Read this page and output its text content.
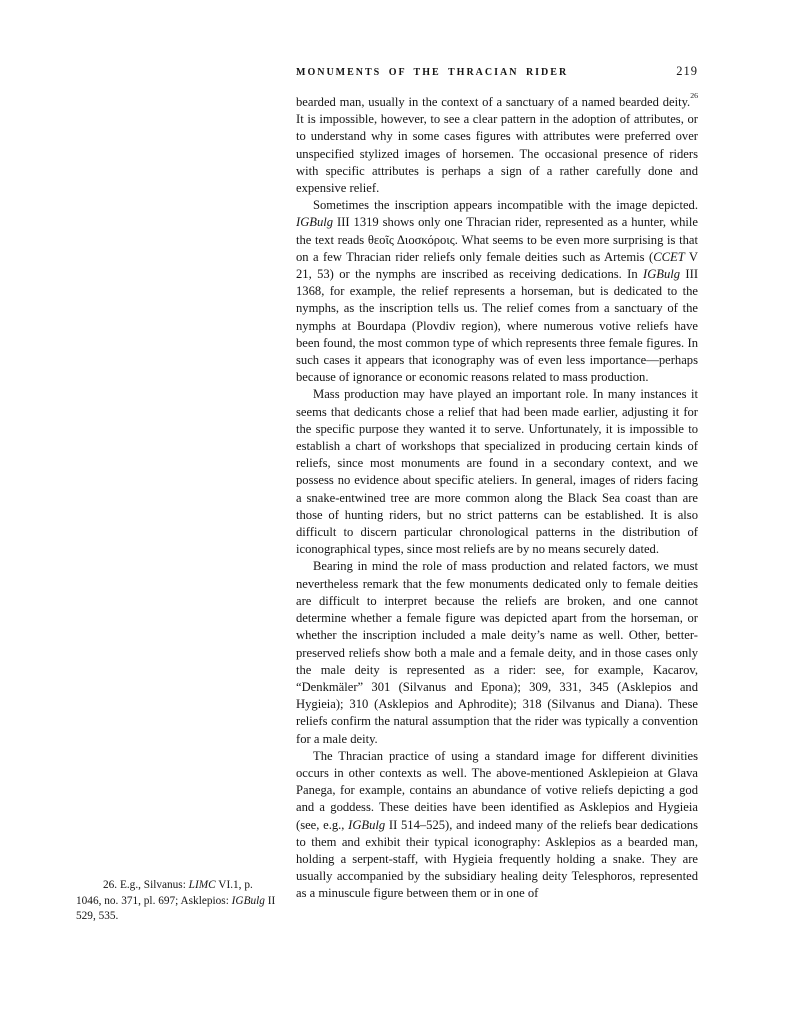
MONUMENTS OF THE THRACIAN RIDER	219

bearded man, usually in the context of a sanctuary of a named bearded deity.$^{26}$ It is impossible, however, to see a clear pattern in the adoption of attributes, or to understand why in some cases figures with attributes were preferred over unspecified stylized images of horsemen. The occasional presence of riders with specific attributes is perhaps a sign of a rather carefully done and expensive relief.

Sometimes the inscription appears incompatible with the image depicted. IGBulg III 1319 shows only one Thracian rider, represented as a hunter, while the text reads θεοῖς Διοσκόροις. What seems to be even more surprising is that on a few Thracian rider reliefs only female deities such as Artemis (CCET V 21, 53) or the nymphs are inscribed as receiving dedications. In IGBulg III 1368, for example, the relief represents a horseman, but is dedicated to the nymphs, as the inscription tells us. The relief comes from a sanctuary of the nymphs at Bourdapa (Plovdiv region), where numerous votive reliefs have been found, the most common type of which represents three female figures. In such cases it appears that iconography was of even less importance—perhaps because of ignorance or economic reasons related to mass production.

Mass production may have played an important role. In many instances it seems that dedicants chose a relief that had been made earlier, adjusting it for the specific purpose they wanted it to serve. Unfortunately, it is impossible to establish a chart of workshops that specialized in producing certain kinds of reliefs, since most monuments are found in a secondary context, and we possess no evidence about specific ateliers. In general, images of riders facing a snake-entwined tree are more common along the Black Sea coast than are those of hunting riders, but no strict patterns can be established. It is also difficult to discern particular chronological patterns in the distribution of iconographical types, since most reliefs are by no means securely dated.

Bearing in mind the role of mass production and related factors, we must nevertheless remark that the few monuments dedicated only to female deities are difficult to interpret because the reliefs are broken, and one cannot determine whether a female figure was depicted apart from the horseman, or whether the inscription included a male deity’s name as well. Other, better-preserved reliefs show both a male and a female deity, and in those cases only the male deity is represented as a rider: see, for example, Kacarov, “Denkmäler” 301 (Silvanus and Epona); 309, 331, 345 (Asklepios and Hygieia); 310 (Asklepios and Aphrodite); 318 (Silvanus and Diana). These reliefs confirm the natural assumption that the rider was typically a convention for a male deity.

The Thracian practice of using a standard image for different divinities occurs in other contexts as well. The above-mentioned Asklepieion at Glava Panega, for example, contains an abundance of votive reliefs depicting a god and a goddess. These deities have been identified as Asklepios and Hygieia (see, e.g., IGBulg II 514–525), and indeed many of the reliefs bear dedications to them and exhibit their typical iconography: Asklepios as a bearded man, holding a serpent-staff, with Hygieia frequently holding a snake. They are usually accompanied by the subsidiary healing deity Telesphoros, represented as a minuscule figure between them or in one of

26. E.g., Silvanus: LIMC VI.1, p. 1046, no. 371, pl. 697; Asklepios: IGBulg II 529, 535.
